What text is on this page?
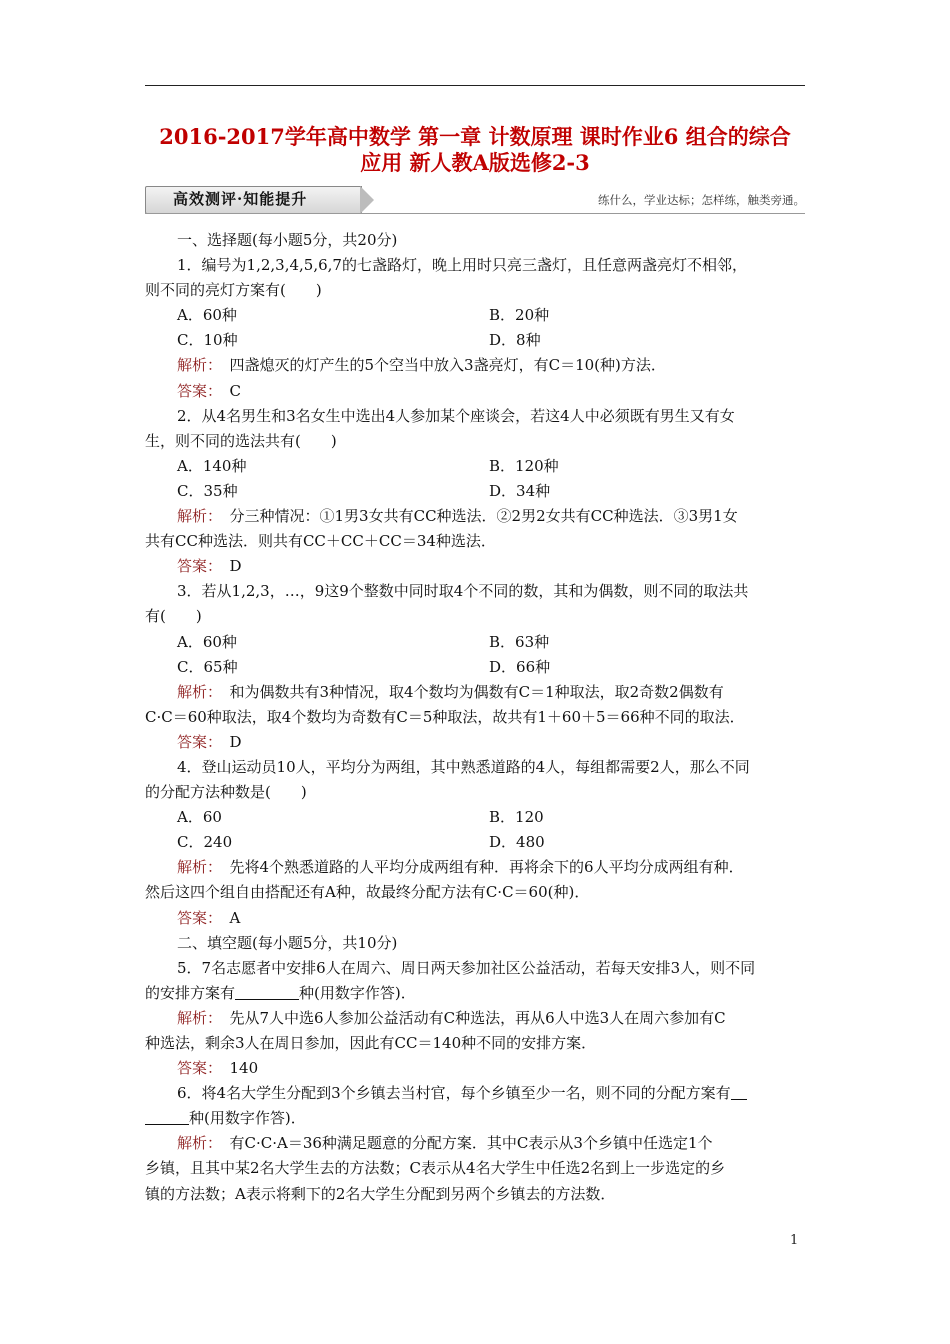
2016-2017学年高中数学 第一章 计数原理 课时作业6 组合的综合
应用 新人教A版选修2-3
高效测评·知能提升	练什么，学业达标；怎样练，触类旁通。
一、选择题(每小题5分，共20分)
1．编号为1,2,3,4,5,6,7的七盏路灯，晚上用时只亮三盏灯，且任意两盏亮灯不相邻，
则不同的亮灯方案有(　　)
A．60种	B．20种
C．10种	D．8种
解析：　四盏熄灭的灯产生的5个空当中放入3盏亮灯，有C＝10(种)方法．
答案：　C
2．从4名男生和3名女生中选出4人参加某个座谈会，若这4人中必须既有男生又有女
生，则不同的选法共有(　　)
A．140种	B．120种
C．35种	D．34种
解析：　分三种情况：①1男3女共有CC种选法．②2男2女共有CC种选法．③3男1女
共有CC种选法．则共有CC＋CC＋CC＝34种选法．
答案：　D
3．若从1,2,3，…，9这9个整数中同时取4个不同的数，其和为偶数，则不同的取法共
有(　　)
A．60种	B．63种
C．65种	D．66种
解析：　和为偶数共有3种情况，取4个数均为偶数有C＝1种取法，取2奇数2偶数有
C·C＝60种取法，取4个数均为奇数有C＝5种取法，故共有1＋60＋5＝66种不同的取法．
答案：　D
4．登山运动员10人，平均分为两组，其中熟悉道路的4人，每组都需要2人，那么不同
的分配方法种数是(　　)
A．60	B．120
C．240	D．480
解析：　先将4个熟悉道路的人平均分成两组有种．再将余下的6人平均分成两组有种．
然后这四个组自由搭配还有A种，故最终分配方法有C·C＝60(种)．
答案：　A
二、填空题(每小题5分，共10分)
5．7名志愿者中安排6人在周六、周日两天参加社区公益活动，若每天安排3人，则不同
的安排方案有	种(用数字作答)．
解析：　先从7人中选6人参加公益活动有C种选法，再从6人中选3人在周六参加有C
种选法，剩余3人在周日参加，因此有CC＝140种不同的安排方案．
答案：　140
6．将4名大学生分配到3个乡镇去当村官，每个乡镇至少一名，则不同的分配方案有
种(用数字作答)．
解析：　有C·C·A＝36种满足题意的分配方案．其中C表示从3个乡镇中任选定1个
乡镇，且其中某2名大学生去的方法数；C表示从4名大学生中任选2名到上一步选定的乡
镇的方法数；A表示将剩下的2名大学生分配到另两个乡镇去的方法数．
1
